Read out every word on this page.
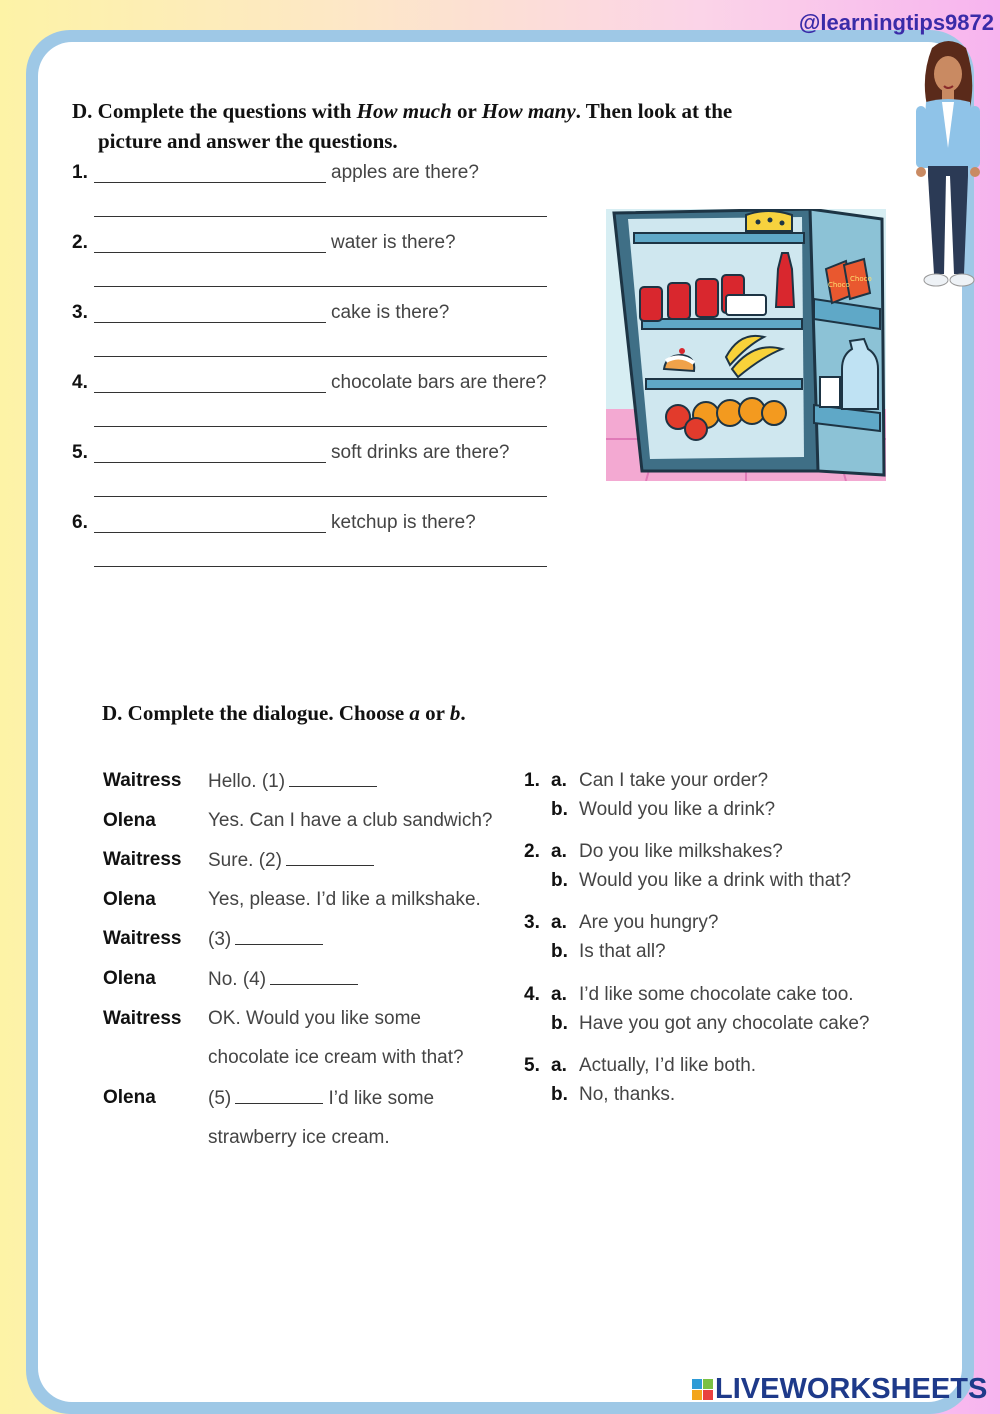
@learningtips9872
D. Complete the questions with How much or How many. Then look at the
picture and answer the questions.
1.	apples are there?
2.	water is there?
3.	cake is there?
4.	chocolate bars are there?
5.	soft drinks are there?
6.	ketchup is there?
Choco
Choco
D. Complete the dialogue. Choose a or b.
Waitress Hello. (1)
Olena	Yes. Can I have a club sandwich?
Waitress Sure. (2)
Olena	Yes, please. I’d like a milkshake.
Waitress (3)
Olena	No. (4)
Waitress OK. Would you like some
chocolate ice cream with that?
Olena	(5)	I’d like some
strawberry ice cream.
1. a. Can I take your order?
b. Would you like a drink?
2. a. Do you like milkshakes?
b. Would you like a drink with that?
3. a. Are you hungry?
b. Is that all?
4. a. I’d like some chocolate cake too.
b. Have you got any chocolate cake?
5. a. Actually, I’d like both.
b. No, thanks.
LIVEWORKSHEETS
